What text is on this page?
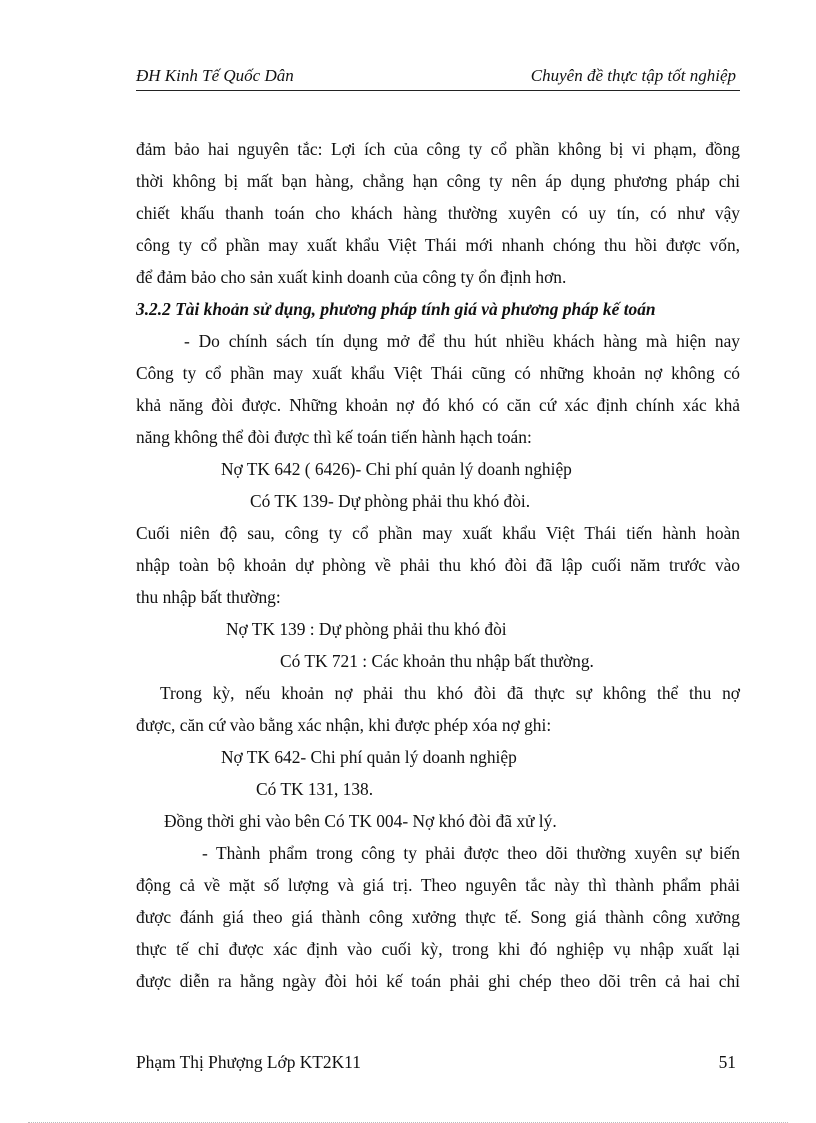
ĐH Kinh Tế Quốc Dân	Chuyên đề thực tập tốt nghiệp
đảm bảo hai nguyên tắc: Lợi ích của công ty cổ phần không bị vi phạm, đồng
thời không bị mất bạn hàng, chẳng hạn công ty nên áp dụng phương pháp chi
chiết khấu thanh toán cho khách hàng thường xuyên có uy tín, có như vậy
công ty cổ phần may xuất khẩu Việt Thái mới nhanh chóng thu hồi được vốn,
để đảm bảo cho sản xuất kinh doanh của công ty ổn định hơn.
3.2.2 Tài khoản sử dụng, phương pháp tính giá và phương pháp kế toán
- Do chính sách tín dụng mở để thu hút nhiều khách hàng mà hiện nay
Công ty cổ phần may xuất khẩu Việt Thái cũng có những khoản nợ không có
khả năng đòi được. Những khoản nợ đó khó có căn cứ xác định chính xác khả
năng không thể đòi được thì kế toán tiến hành hạch toán:
Nợ TK 642 ( 6426)- Chi phí quản lý doanh nghiệp
Có TK 139- Dự phòng phải thu khó đòi.
Cuối niên độ sau, công ty cổ phần may xuất khẩu Việt Thái tiến hành hoàn
nhập toàn bộ khoản dự phòng về phải thu khó đòi đã lập cuối năm trước vào
thu nhập bất thường:
Nợ TK 139 : Dự phòng phải thu khó đòi
Có TK 721 : Các khoản thu nhập bất thường.
Trong kỳ, nếu khoản nợ phải thu khó đòi đã thực sự không thể thu nợ
được, căn cứ vào bằng xác nhận, khi được phép xóa nợ ghi:
Nợ TK 642- Chi phí quản lý doanh nghiệp
Có TK 131, 138.
Đồng thời ghi vào bên Có TK 004- Nợ khó đòi đã xử lý.
- Thành phẩm trong công ty phải được theo dõi thường xuyên sự biến
động cả về mặt số lượng và giá trị. Theo nguyên tắc này thì thành phẩm phải
được đánh giá theo giá thành công xưởng thực tế. Song giá thành công xưởng
thực tế chỉ được xác định vào cuối kỳ, trong khi đó nghiệp vụ nhập xuất lại
được diễn ra hằng ngày đòi hỏi kế toán phải ghi chép theo dõi trên cả hai chỉ
Phạm Thị Phượng Lớp KT2K11	51
